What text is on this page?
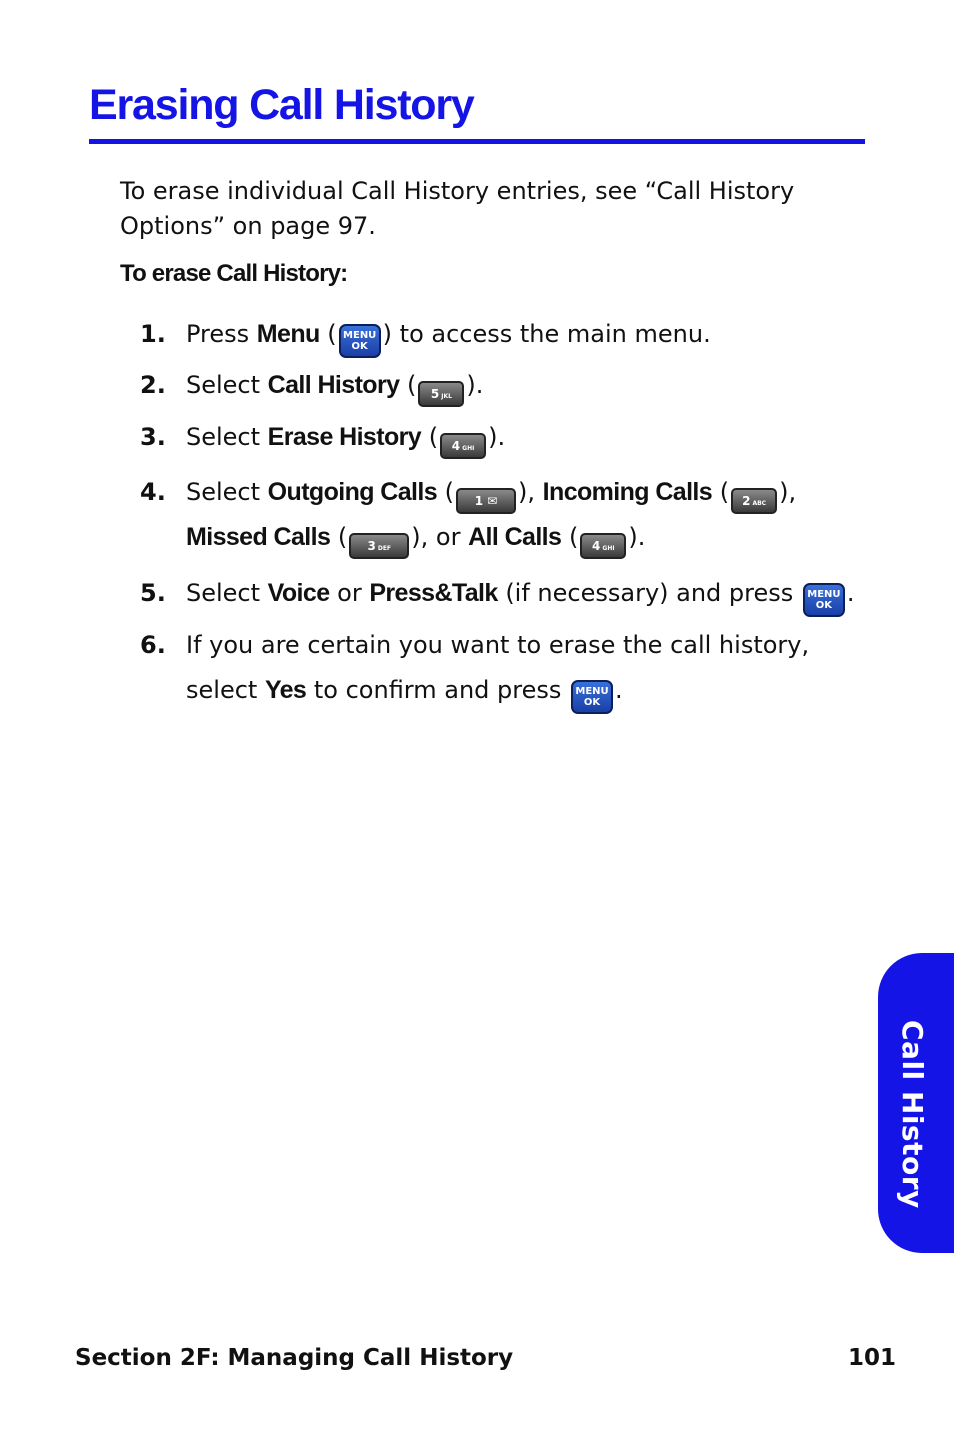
Erasing Call History

To erase individual Call History entries, see “Call History Options” on page 97.

To erase Call History:

1. Press Menu ( MENU
OK ) to access the main menu.
2. Select Call History ( 5 JKL ).
3. Select Erase History ( 4 GHI ).
4. Select Outgoing Calls ( 1 ✉ ), Incoming Calls ( 2 ABC ),
Missed Calls ( 3 DEF ), or All Calls ( 4 GHI ).
5. Select Voice or Press&Talk (if necessary) and press MENU
OK .
6. If you are certain you want to erase the call history,
select Yes to confirm and press MENU
OK .
Call History
Section 2F: Managing Call History	101
